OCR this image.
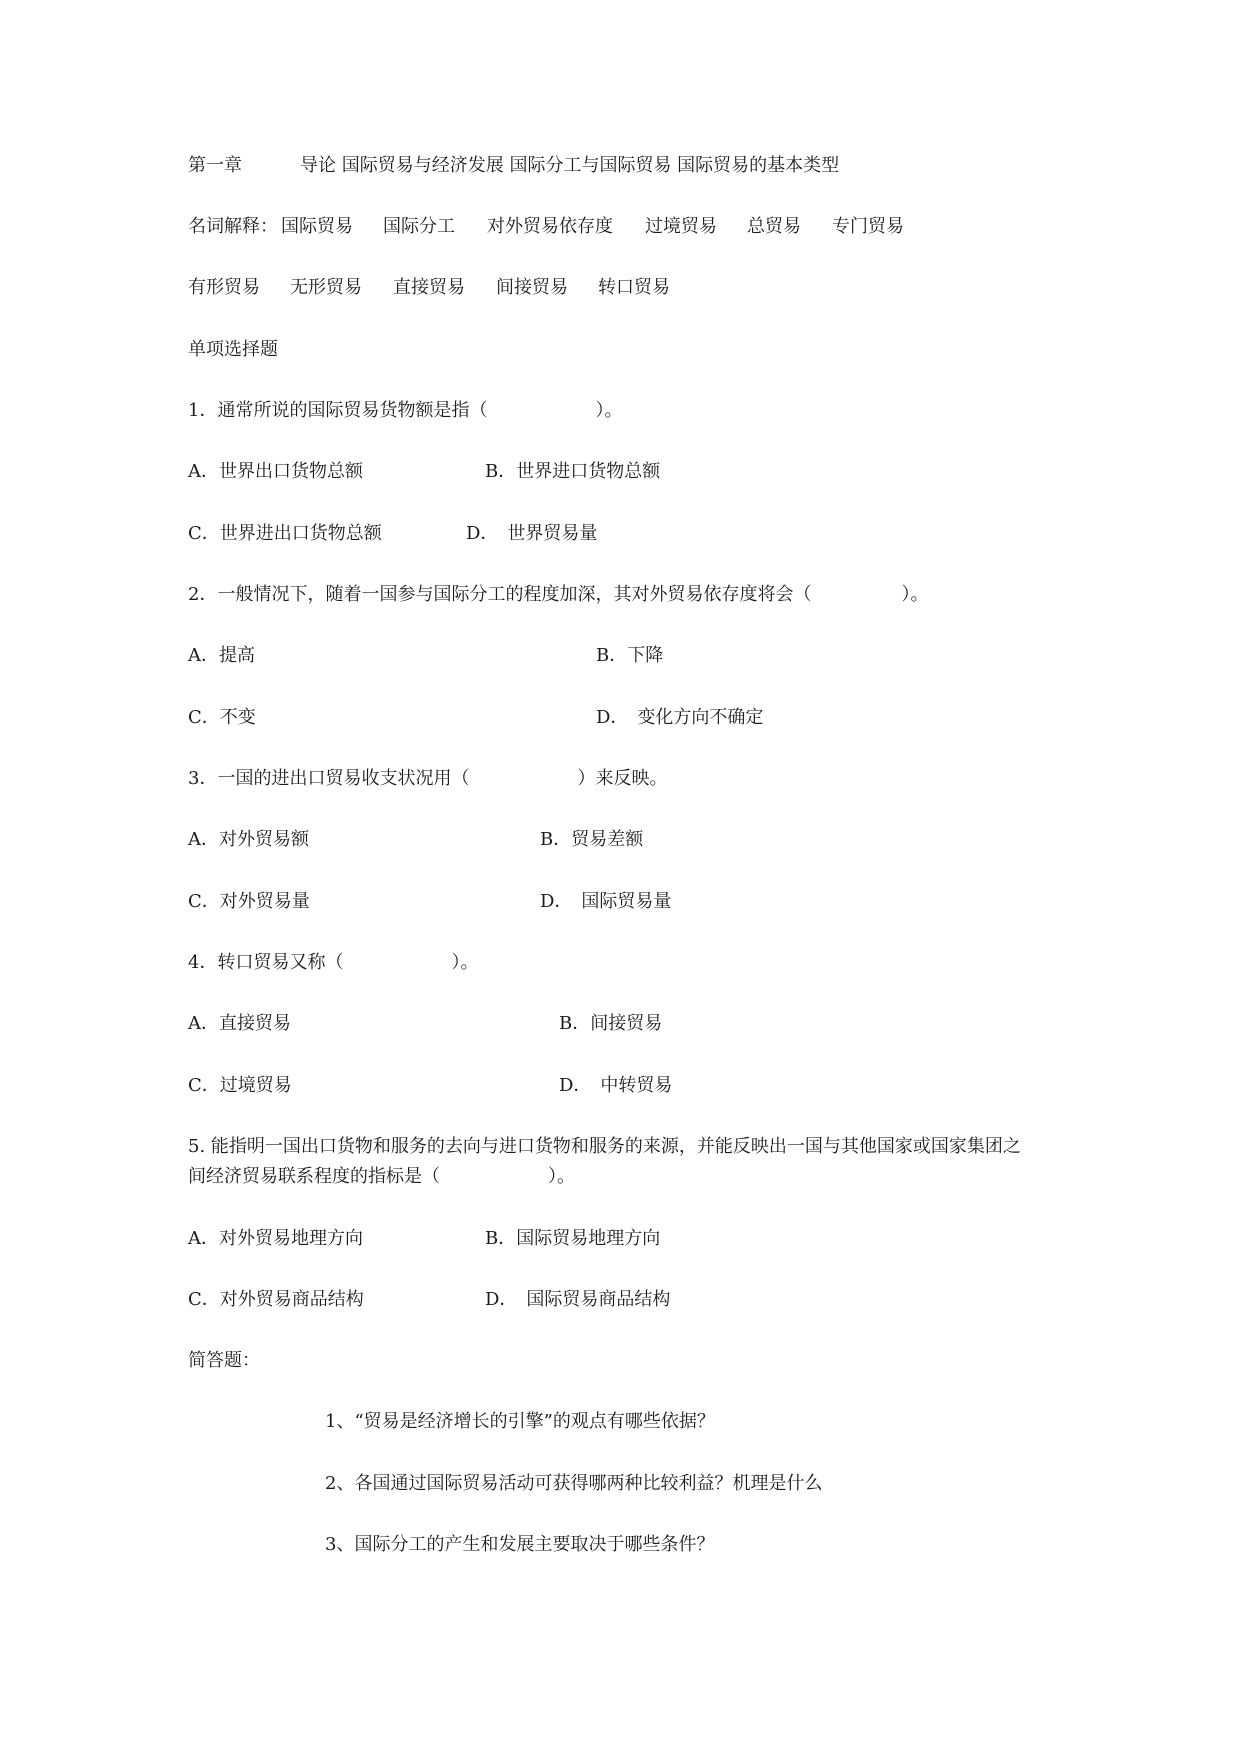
第一章	导论 国际贸易与经济发展 国际分工与国际贸易 国际贸易的基本类型
名词解释： 国际贸易 国际分工 对外贸易依存度 过境贸易 总贸易 专门贸易
有形贸易 无形贸易 直接贸易 间接贸易 转口贸易
单项选择题
1．通常所说的国际贸易货物额是指（　　　　　　）。
A．世界出口货物总额	B．世界进口货物总额
C．世界进出口货物总额	D．　世界贸易量
2．一般情况下，随着一国参与国际分工的程度加深，其对外贸易依存度将会（　　　　　）。
A．提高	B．下降
C．不变	D．　变化方向不确定
3．一国的进出口贸易收支状况用（　　　　　　）来反映。
A．对外贸易额	B．贸易差额
C．对外贸易量	D．　国际贸易量
4．转口贸易又称（　　　　　　）。
A．直接贸易	B．间接贸易
C．过境贸易	D．　中转贸易
5. 能指明一国出口货物和服务的去向与进口货物和服务的来源，并能反映出一国与其他国家或国家集团之
间经济贸易联系程度的指标是（　　　　　　）。
A．对外贸易地理方向	B．国际贸易地理方向
C．对外贸易商品结构	D．　国际贸易商品结构
简答题：
1、“贸易是经济增长的引擎”的观点有哪些依据？
2、各国通过国际贸易活动可获得哪两种比较利益？机理是什么
3、国际分工的产生和发展主要取决于哪些条件？
